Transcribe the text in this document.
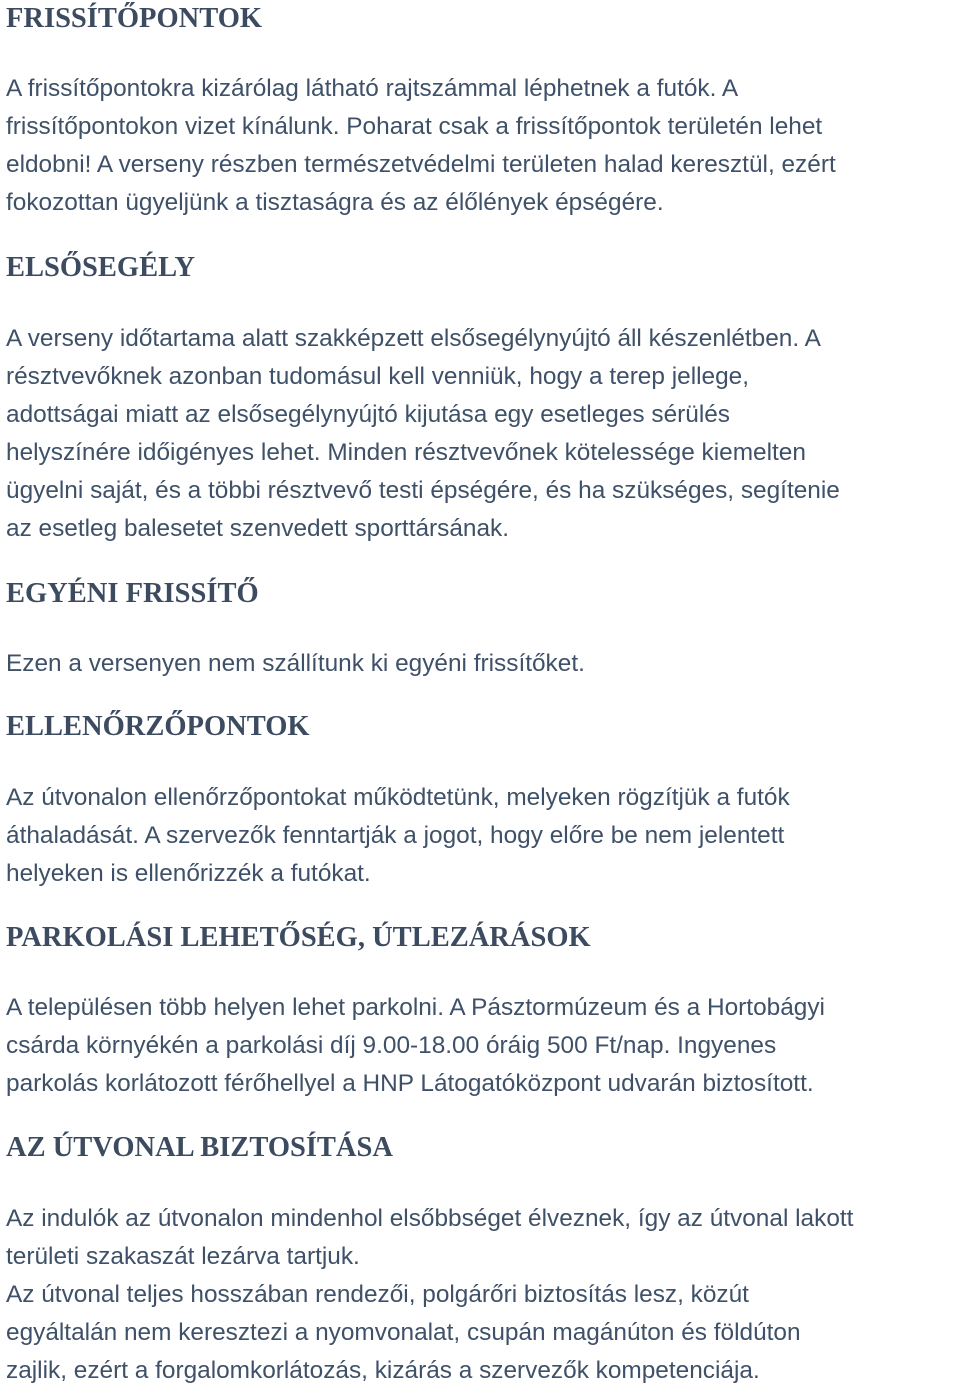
FRISSÍTŐPONTOK
A frissítőpontokra kizárólag látható rajtszámmal léphetnek a futók. A
frissítőpontokon vizet kínálunk. Poharat csak a frissítőpontok területén lehet
eldobni! A verseny részben természetvédelmi területen halad keresztül, ezért
fokozottan ügyeljünk a tisztaságra és az élőlények épségére.
ELSŐSEGÉLY
A verseny időtartama alatt szakképzett elsősegélynyújtó áll készenlétben. A
résztvevőknek azonban tudomásul kell venniük, hogy a terep jellege,
adottságai miatt az elsősegélynyújtó kijutása egy esetleges sérülés
helyszínére időigényes lehet. Minden résztvevőnek kötelessége kiemelten
ügyelni saját, és a többi résztvevő testi épségére, és ha szükséges, segítenie
az esetleg balesetet szenvedett sporttársának.
EGYÉNI FRISSÍTŐ
Ezen a versenyen nem szállítunk ki egyéni frissítőket.
ELLENŐRZŐPONTOK
Az útvonalon ellenőrzőpontokat működtetünk, melyeken rögzítjük a futók
áthaladását. A szervezők fenntartják a jogot, hogy előre be nem jelentett
helyeken is ellenőrizzék a futókat.
PARKOLÁSI LEHETŐSÉG, ÚTLEZÁRÁSOK
A településen több helyen lehet parkolni. A Pásztormúzeum és a Hortobágyi
csárda környékén a parkolási díj 9.00-18.00 óráig 500 Ft/nap. Ingyenes
parkolás korlátozott férőhellyel a HNP Látogatóközpont udvarán biztosított.
AZ ÚTVONAL BIZTOSÍTÁSA
Az indulók az útvonalon mindenhol elsőbbséget élveznek, így az útvonal lakott
területi szakaszát lezárva tartjuk.
Az útvonal teljes hosszában rendezői, polgárőri biztosítás lesz, közút
egyáltalán nem keresztezi a nyomvonalat, csupán magánúton és földúton
zajlik, ezért a forgalomkorlátozás, kizárás a szervezők kompetenciája.
